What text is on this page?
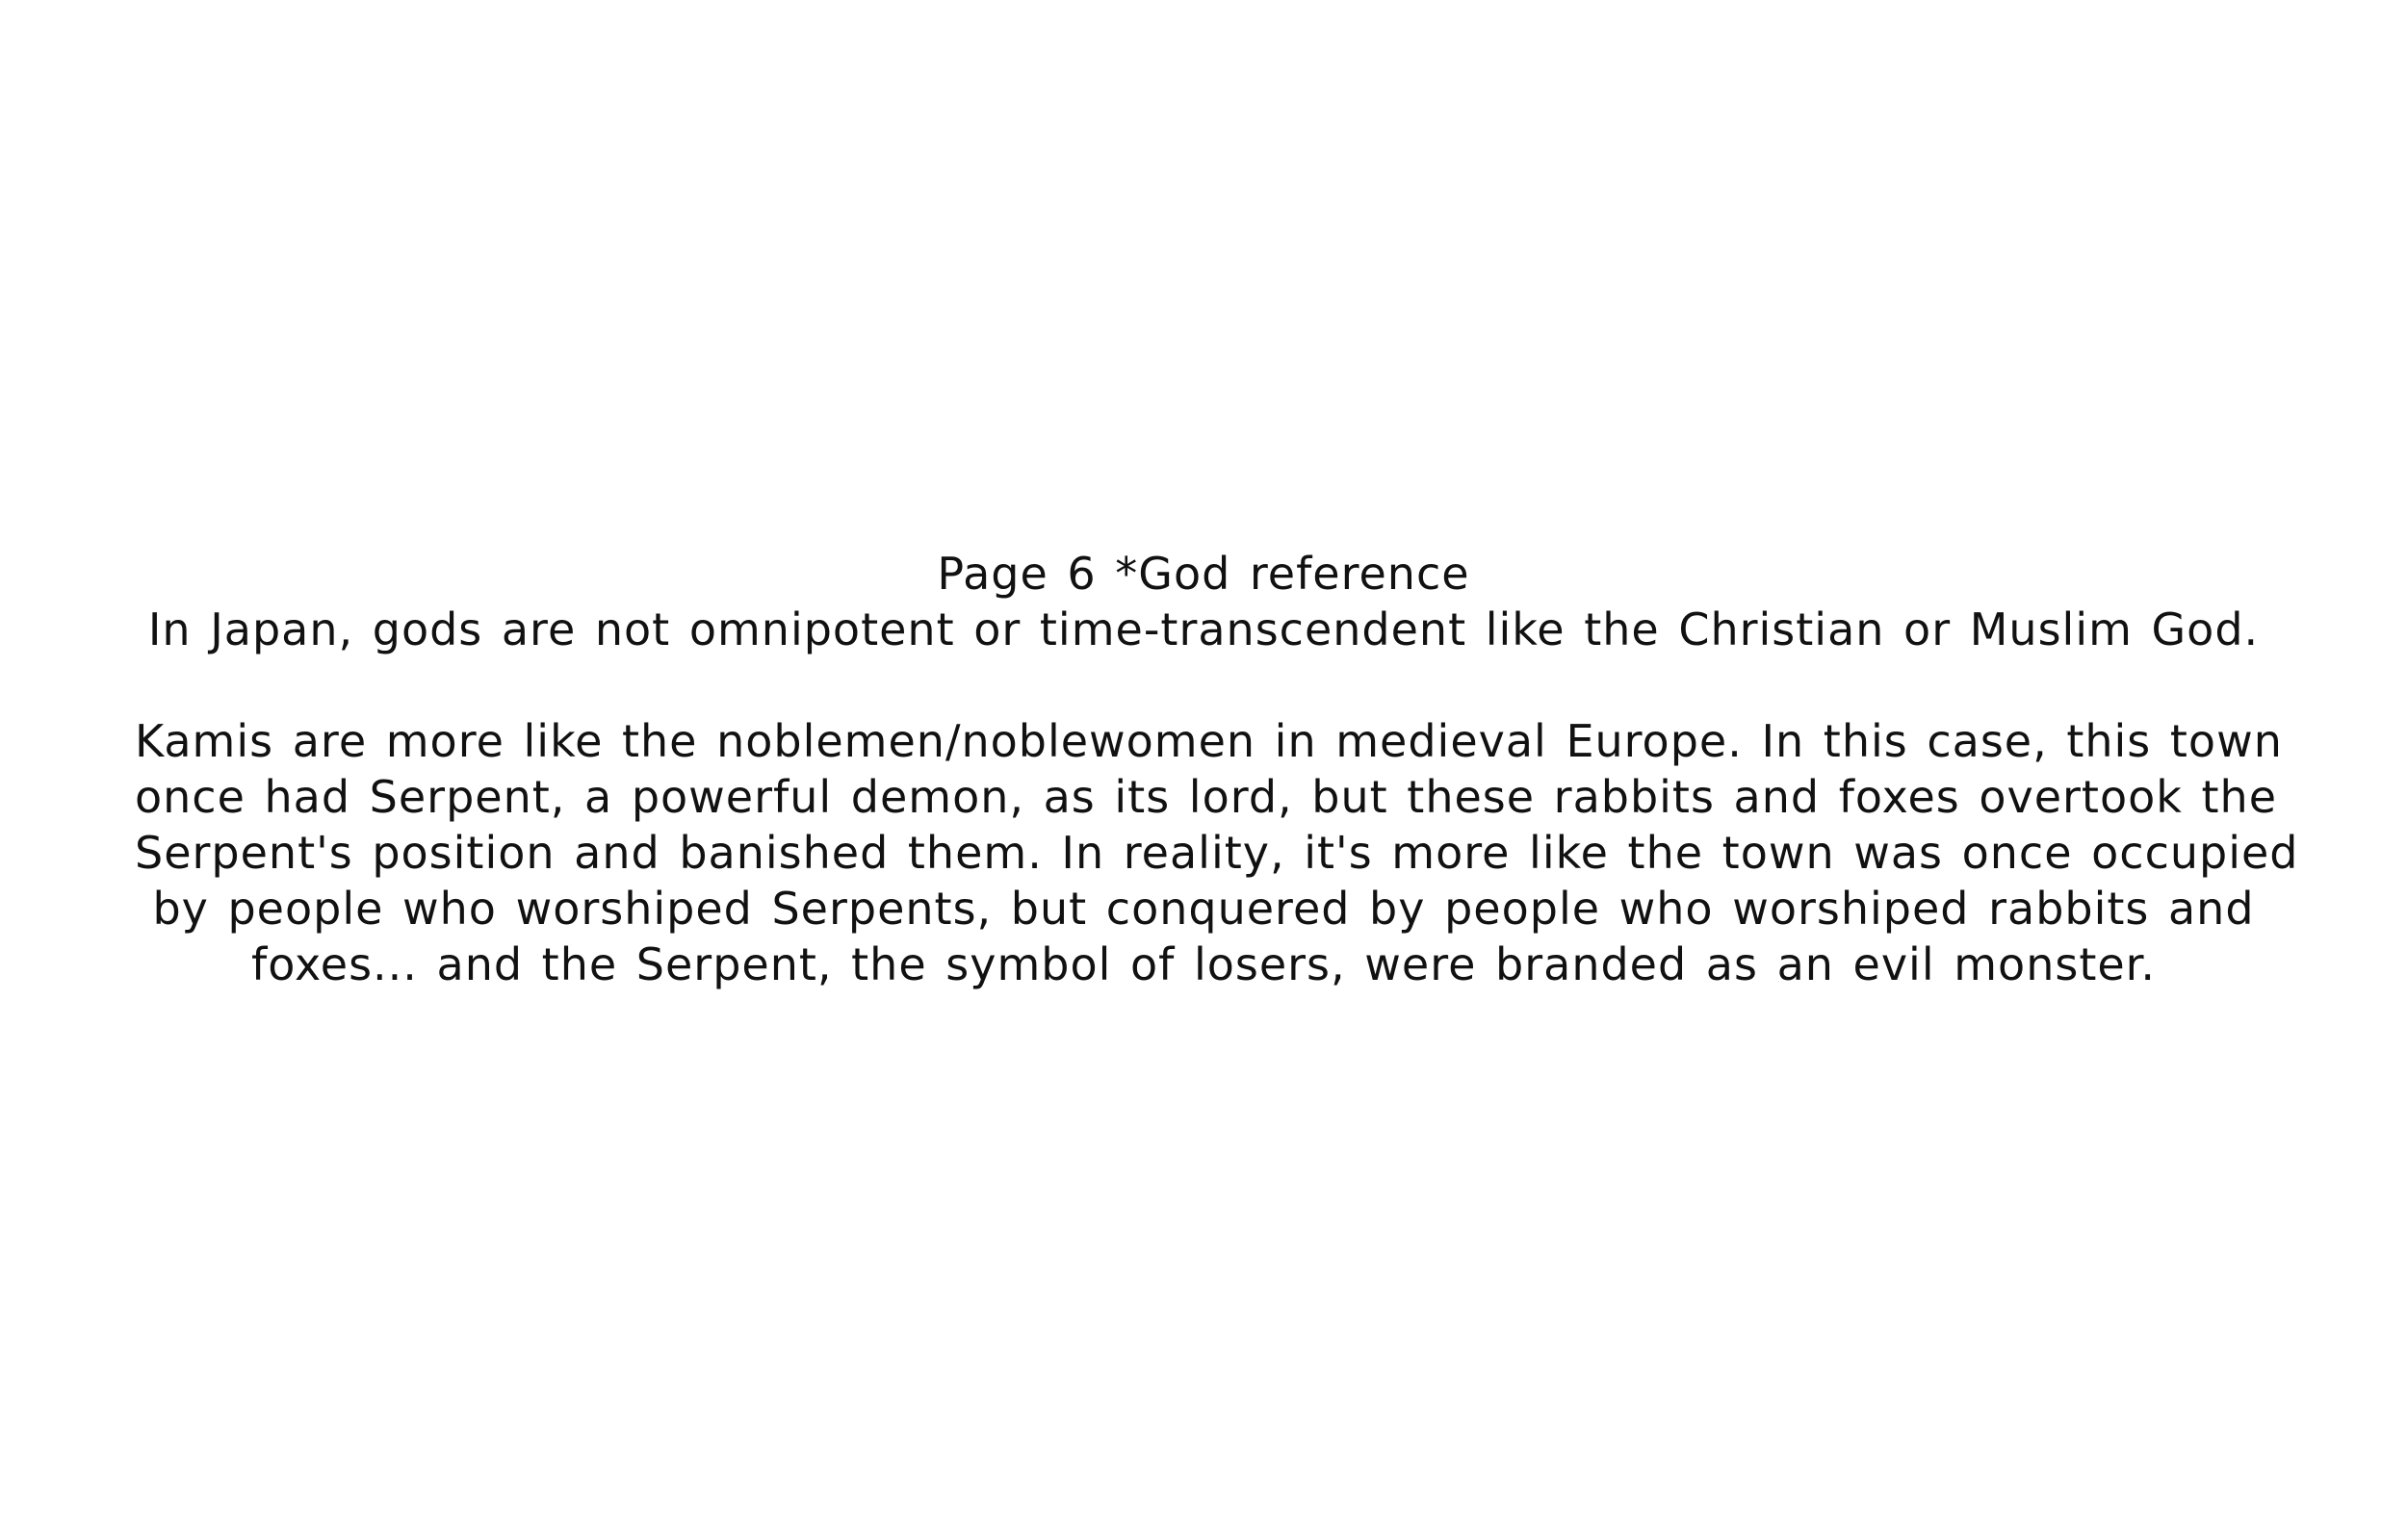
Page 6 *God reference
In Japan, gods are not omnipotent or time-transcendent like the Christian or Muslim God.
Kamis are more like the noblemen/noblewomen in medieval Europe. In this case, this town
once had Serpent, a powerful demon, as its lord, but these rabbits and foxes overtook the
Serpent's position and banished them. In reality, it's more like the town was once occupied
by people who worshiped Serpents, but conquered by people who worshiped rabbits and
foxes... and the Serpent, the symbol of losers, were branded as an evil monster.
